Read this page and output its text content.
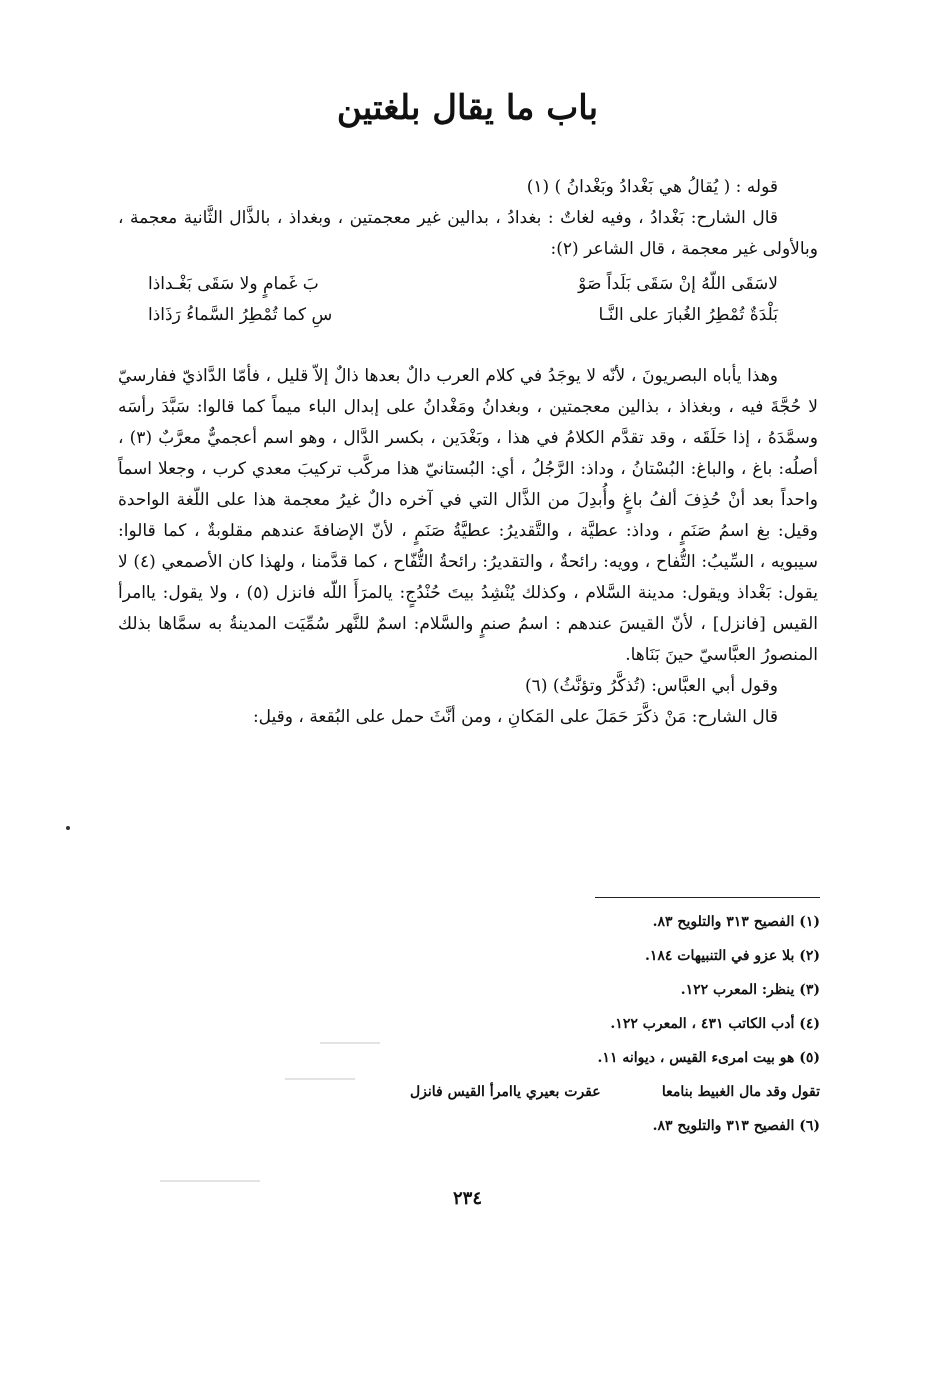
باب ما يقال بلغتين

قوله : ( يُقالُ هي بَغْدادُ وبَغْدانُ ) (١)

قال الشارح: بَغْدادُ ، وفيه لغاتٌ : بغدادُ ، بدالين غير معجمتين ، وبغداذ ، بالذَّال الثَّانية معجمة ، وبالأولى غير معجمة ، قال الشاعر (٢):

لاسَقَى اللّهُ إنْ سَقَى بَلَداً صَوْ
بَ غَمامٍ ولا سَقَى بَغْـداذا
بَلْدَةٌ تُمْطِرُ الغُبارَ على النَّـا
سِ كما تُمْطِرُ السَّماءُ رَذَاذا

وهذا يأباه البصريونَ ، لأنّه لا يوجَدُ في كلام العرب دالٌ بعدها ذالٌ إلاّ قليل ، فأمّا الدَّاذيّ ففارسيّ لا حُجَّةَ فيه ، وبغذاذ ، بذالين معجمتين ، وبغدانُ ومَغْدانُ على إبدال الباء ميماً كما قالوا: سَبَّدَ رأسَه وسمَّدَهُ ، إذا حَلَقَه ، وقد تقدَّم الكلامُ في هذا ، وبَغْدَين ، بكسر الدَّال ، وهو اسم أعجميٌّ معرَّبٌ (٣) ، أصلُه: باغ ، والباغ: البُسْتانُ ، وداذ: الرَّجُلُ ، أي: البُستانيّ هذا مركَّب تركيبَ معدي كرب ، وجعلا اسماً واحداً بعد أنْ حُذِفَ ألفُ باغٍ وأُبدِلَ من الذَّال التي في آخره دالٌ غيرُ معجمة هذا على اللّغة الواحدة وقيل: بغ اسمُ صَنَمٍ ، وداذ: عطيَّة ، والتَّقديرُ: عطيَّةُ صَنَمٍ ، لأنّ الإضافةَ عندهم مقلوبةٌ ، كما قالوا: سيبويه ، السِّيبُ: التُّفاح ، وويه: رائحةٌ ، والتقديرُ: رائحةُ التُّفّاح ، كما قدَّمنا ، ولهذا كان الأصمعي (٤) لا يقول: بَغْداذ ويقول: مدينة السَّلام ، وكذلك يُنْشِدُ بيتَ حُنْدُجٍ: يالمرَأَ اللّه فانزل (٥) ، ولا يقول: ياامرأ القيس [فانزل] ، لأنّ القيسَ عندهم : اسمُ صنمٍ والسَّلام: اسمٌ للنَّهر سُمِّيَت المدينةُ به سمَّاها بذلك المنصورُ العبَّاسيّ حينَ بَنَاها.

وقول أبي العبَّاس: (تُذكَّرُ وتؤنَّثُ) (٦)

قال الشارح: مَنْ ذكَّرَ حَمَلَ على المَكانِ ، ومن أنَّثَ حمل على البُقعة ، وقيل:

(١) الفصيح ٣١٣ والتلويح ٨٣.

(٢) بلا عزو في التنبيهات ١٨٤.

(٣) ينظر: المعرب ١٢٢.

(٤) أدب الكاتب ٤٣١ ، المعرب ١٢٢.

(٥) هو بيت امرىء القيس ، ديوانه ١١.

تقول وقد مال الغبيط بنامعا
عقرت بعيري ياامرأ القيس فانزل

(٦) الفصيح ٣١٣ والتلويح ٨٣.

٢٣٤
